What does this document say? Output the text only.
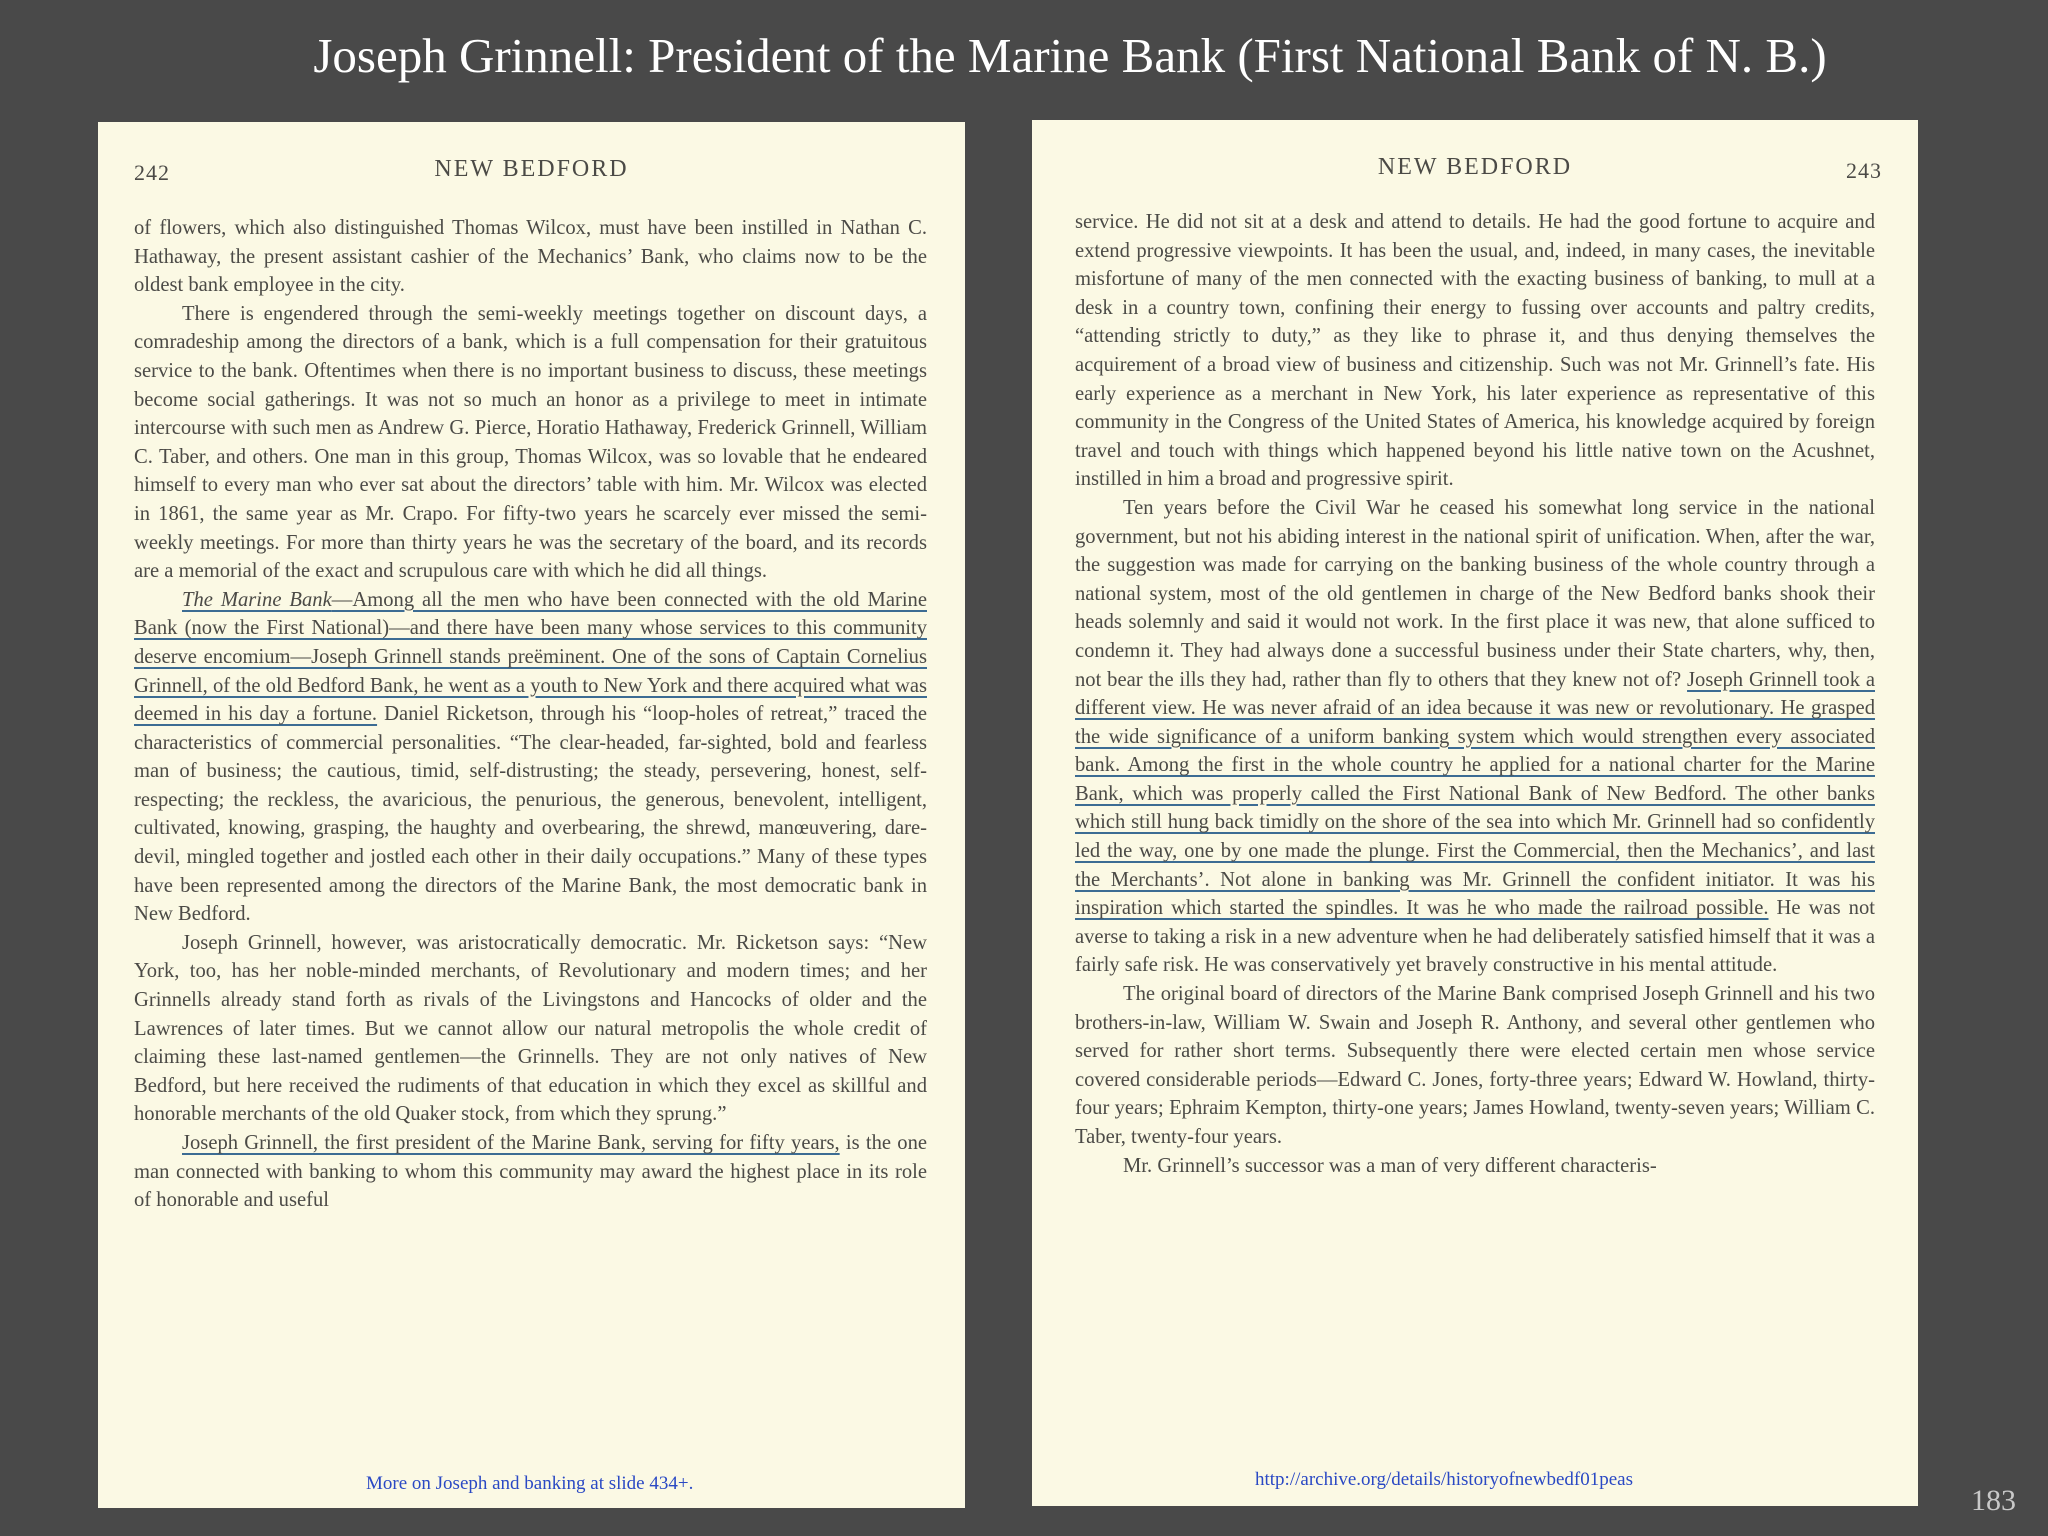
Joseph Grinnell: President of the Marine Bank (First National Bank of N. B.)
242	NEW BEDFORD

of flowers, which also distinguished Thomas Wilcox, must have been instilled in Nathan C. Hathaway, the present assistant cashier of the Mechanics’ Bank, who claims now to be the oldest bank employee in the city.

There is engendered through the semi-weekly meetings together on discount days, a comradeship among the directors of a bank, which is a full compensation for their gratuitous service to the bank. Oftentimes when there is no important business to discuss, these meetings become social gatherings. It was not so much an honor as a privilege to meet in intimate intercourse with such men as Andrew G. Pierce, Horatio Hathaway, Frederick Grinnell, William C. Taber, and others. One man in this group, Thomas Wilcox, was so lovable that he endeared himself to every man who ever sat about the directors’ table with him. Mr. Wilcox was elected in 1861, the same year as Mr. Crapo. For fifty-two years he scarcely ever missed the semi-weekly meetings. For more than thirty years he was the secretary of the board, and its records are a memorial of the exact and scrupulous care with which he did all things.

The Marine Bank—Among all the men who have been connected with the old Marine Bank (now the First National)—and there have been many whose services to this community deserve encomium—Joseph Grinnell stands preëminent. One of the sons of Captain Cornelius Grinnell, of the old Bedford Bank, he went as a youth to New York and there acquired what was deemed in his day a fortune. Daniel Ricketson, through his “loop-holes of retreat,” traced the characteristics of commercial personalities. “The clear-headed, far-sighted, bold and fearless man of business; the cautious, timid, self-distrusting; the steady, persevering, honest, self-respecting; the reckless, the avaricious, the penurious, the generous, benevolent, intelligent, cultivated, knowing, grasping, the haughty and overbearing, the shrewd, manœuvering, dare-devil, mingled together and jostled each other in their daily occupations.” Many of these types have been represented among the directors of the Marine Bank, the most democratic bank in New Bedford.

Joseph Grinnell, however, was aristocratically democratic. Mr. Ricketson says: “New York, too, has her noble-minded merchants, of Revolutionary and modern times; and her Grinnells already stand forth as rivals of the Livingstons and Hancocks of older and the Lawrences of later times. But we cannot allow our natural metropolis the whole credit of claiming these last-named gentlemen—the Grinnells. They are not only natives of New Bedford, but here received the rudiments of that education in which they excel as skillful and honorable merchants of the old Quaker stock, from which they sprung.”

Joseph Grinnell, the first president of the Marine Bank, serving for fifty years, is the one man connected with banking to whom this community may award the highest place in its role of honorable and useful

NEW BEDFORD	243

service. He did not sit at a desk and attend to details. He had the good fortune to acquire and extend progressive viewpoints. It has been the usual, and, indeed, in many cases, the inevitable misfortune of many of the men connected with the exacting business of banking, to mull at a desk in a country town, confining their energy to fussing over accounts and paltry credits, “attending strictly to duty,” as they like to phrase it, and thus denying themselves the acquirement of a broad view of business and citizenship. Such was not Mr. Grinnell’s fate. His early experience as a merchant in New York, his later experience as representative of this community in the Congress of the United States of America, his knowledge acquired by foreign travel and touch with things which happened beyond his little native town on the Acushnet, instilled in him a broad and progressive spirit.

Ten years before the Civil War he ceased his somewhat long service in the national government, but not his abiding interest in the national spirit of unification. When, after the war, the suggestion was made for carrying on the banking business of the whole country through a national system, most of the old gentlemen in charge of the New Bedford banks shook their heads solemnly and said it would not work. In the first place it was new, that alone sufficed to condemn it. They had always done a successful business under their State charters, why, then, not bear the ills they had, rather than fly to others that they knew not of? Joseph Grinnell took a different view. He was never afraid of an idea because it was new or revolutionary. He grasped the wide significance of a uniform banking system which would strengthen every associated bank. Among the first in the whole country he applied for a national charter for the Marine Bank, which was properly called the First National Bank of New Bedford. The other banks which still hung back timidly on the shore of the sea into which Mr. Grinnell had so confidently led the way, one by one made the plunge. First the Commercial, then the Mechanics’, and last the Merchants’. Not alone in banking was Mr. Grinnell the confident initiator. It was his inspiration which started the spindles. It was he who made the railroad possible. He was not averse to taking a risk in a new adventure when he had deliberately satisfied himself that it was a fairly safe risk. He was conservatively yet bravely constructive in his mental attitude.

The original board of directors of the Marine Bank comprised Joseph Grinnell and his two brothers-in-law, William W. Swain and Joseph R. Anthony, and several other gentlemen who served for rather short terms. Subsequently there were elected certain men whose service covered considerable periods—Edward C. Jones, forty-three years; Edward W. Howland, thirty-four years; Ephraim Kempton, thirty-one years; James Howland, twenty-seven years; William C. Taber, twenty-four years.

Mr. Grinnell’s successor was a man of very different characteris-

More on Joseph and banking at slide 434+.	http://archive.org/details/historyofnewbedf01peas
183
